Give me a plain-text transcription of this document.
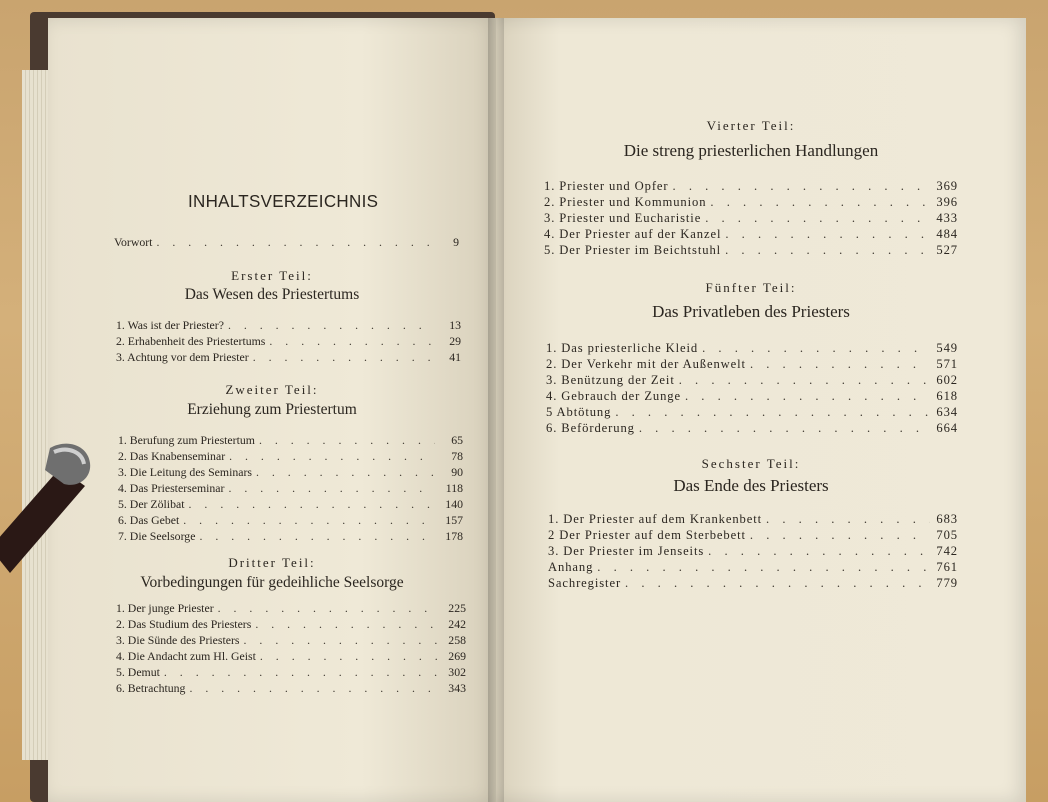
INHALTSVERZEICHNIS
Vorwort . . .	9
Erster Teil:
Das Wesen des Priestertums
1. Was ist der Priester? . . .	13
2. Erhabenheit des Priestertums . . .	29
3. Achtung vor dem Priester . . .	41
Zweiter Teil:
Erziehung zum Priestertum
1. Berufung zum Priestertum . . .	65
2. Das Knabenseminar . . .	78
3. Die Leitung des Seminars . . .	90
4. Das Priesterseminar . . .	118
5. Der Zölibat . . .	140
6. Das Gebet . . .	157
7. Die Seelsorge . . .	178
Dritter Teil:
Vorbedingungen für gedeihliche Seelsorge
1. Der junge Priester . . .	225
2. Das Studium des Priesters . . .	242
3. Die Sünde des Priesters . . .	258
4. Die Andacht zum Hl. Geist . . .	269
5. Demut . . .	302
6. Betrachtung . . .	343
Vierter Teil:
Die streng priesterlichen Handlungen
1. Priester und Opfer . . .	369
2. Priester und Kommunion . . .	396
3. Priester und Eucharistie . . .	433
4. Der Priester auf der Kanzel . . .	484
5. Der Priester im Beichtstuhl . . .	527
Fünfter Teil:
Das Privatleben des Priesters
1. Das priesterliche Kleid . . .	549
2. Der Verkehr mit der Außenwelt . . .	571
3. Benützung der Zeit . . .	602
4. Gebrauch der Zunge . . .	618
5 Abtötung . . .	634
6. Beförderung . . .	664
Sechster Teil:
Das Ende des Priesters
1. Der Priester auf dem Krankenbett . . .	683
2 Der Priester auf dem Sterbebett . . .	705
3. Der Priester im Jenseits . . .	742
Anhang . . .	761
Sachregister . . .	779
